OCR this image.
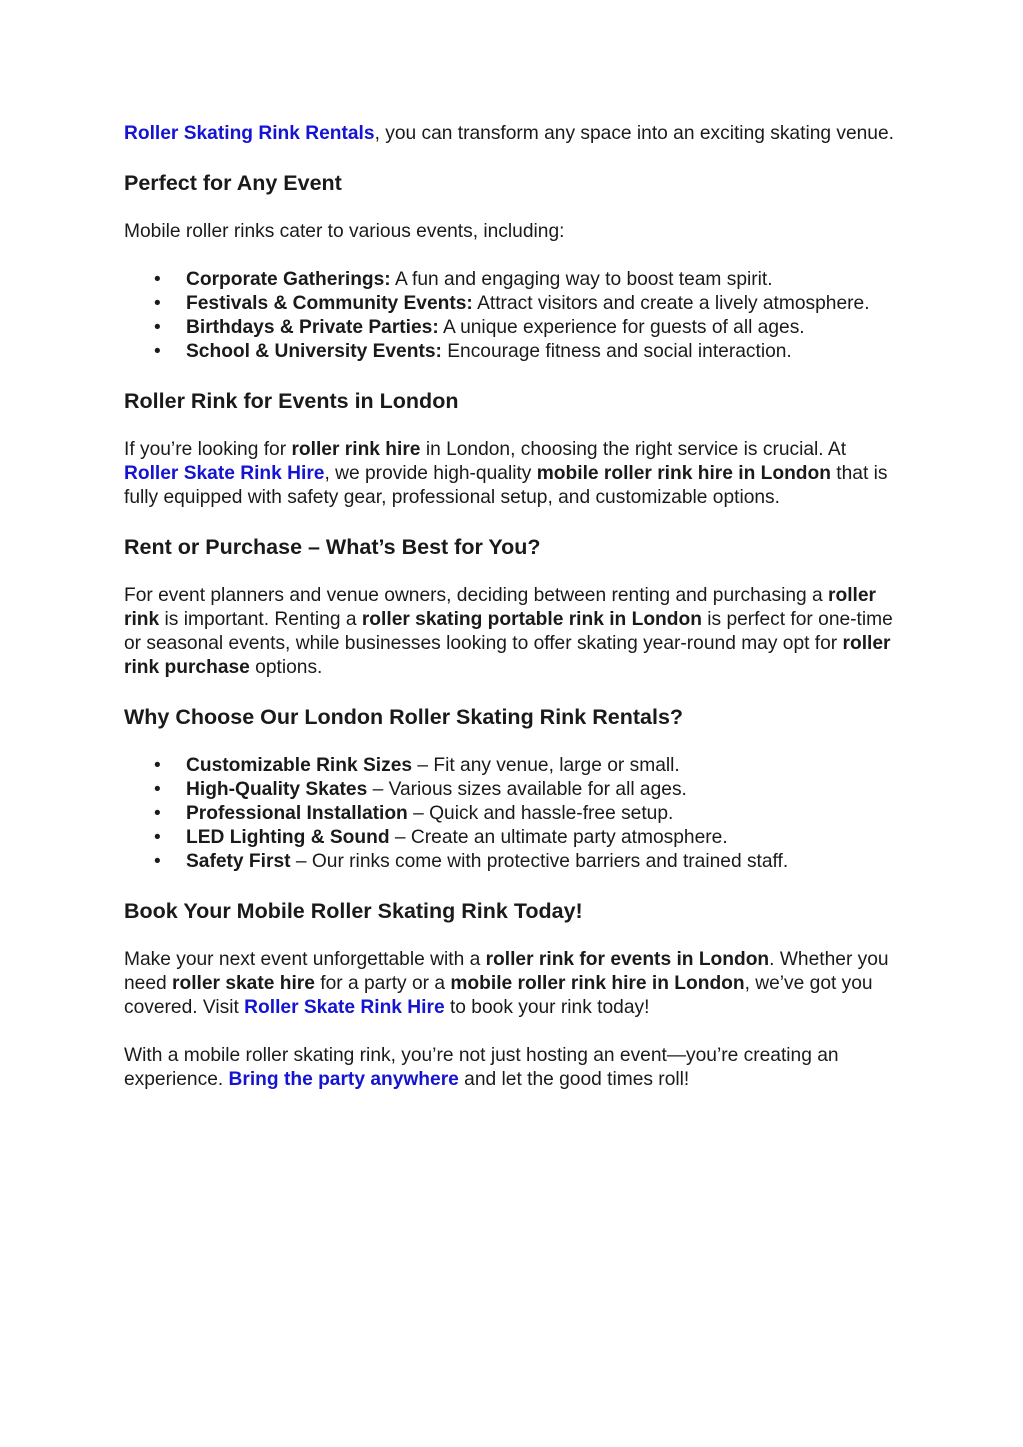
Roller Skating Rink Rentals, you can transform any space into an exciting skating venue.

Perfect for Any Event

Mobile roller rinks cater to various events, including:

• Corporate Gatherings: A fun and engaging way to boost team spirit.
• Festivals & Community Events: Attract visitors and create a lively atmosphere.
• Birthdays & Private Parties: A unique experience for guests of all ages.
• School & University Events: Encourage fitness and social interaction.
Roller Rink for Events in London

If you’re looking for roller rink hire in London, choosing the right service is crucial. At Roller Skate Rink Hire, we provide high-quality mobile roller rink hire in London that is fully equipped with safety gear, professional setup, and customizable options.

Rent or Purchase – What’s Best for You?

For event planners and venue owners, deciding between renting and purchasing a roller rink is important. Renting a roller skating portable rink in London is perfect for one-time or seasonal events, while businesses looking to offer skating year-round may opt for roller rink purchase options.

Why Choose Our London Roller Skating Rink Rentals?
• Customizable Rink Sizes – Fit any venue, large or small.
• High-Quality Skates – Various sizes available for all ages.
• Professional Installation – Quick and hassle-free setup.
• LED Lighting & Sound – Create an ultimate party atmosphere.
• Safety First – Our rinks come with protective barriers and trained staff.
Book Your Mobile Roller Skating Rink Today!

Make your next event unforgettable with a roller rink for events in London. Whether you need roller skate hire for a party or a mobile roller rink hire in London, we’ve got you covered. Visit Roller Skate Rink Hire to book your rink today!

With a mobile roller skating rink, you’re not just hosting an event—you’re creating an experience. Bring the party anywhere and let the good times roll!
